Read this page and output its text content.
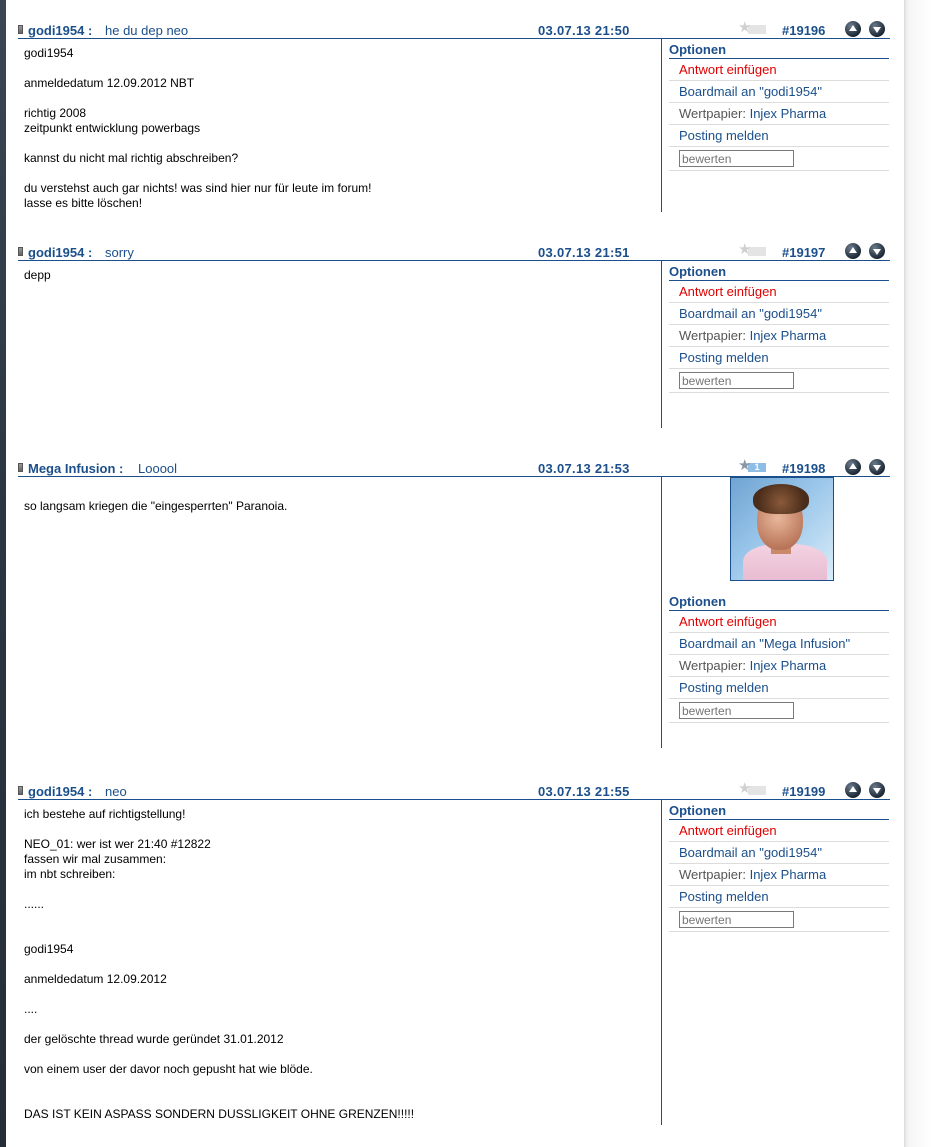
godi1954 : he du dep neo	03.07.13 21:50	★ #19196

godi1954

anmeldedatum 12.09.2012 NBT

richtig 2008

zeitpunkt entwicklung powerbags

kannst du nicht mal richtig abschreiben?

du verstehst auch gar nichts! was sind hier nur für leute im forum!

lasse es bitte löschen!

Optionen
Antwort einfügen
Boardmail an "godi1954"
Wertpapier: Injex Pharma
Posting melden
bewerten
godi1954 : sorry	03.07.13 21:51	★ #19197

depp	Optionen
Antwort einfügen
Boardmail an "godi1954"
Wertpapier: Injex Pharma
Posting melden
bewerten
Mega Infusion : Looool	03.07.13 21:53	1
★ #19198

so langsam kriegen die "eingesperrten" Paranoia.

Optionen
Antwort einfügen
Boardmail an "Mega Infusion"
Wertpapier: Injex Pharma
Posting melden
bewerten
godi1954 : neo	03.07.13 21:55	★ #19199

ich bestehe auf richtigstellung!

NEO_01: wer ist wer 21:40 #12822

fassen wir mal zusammen:

im nbt schreiben:

......

godi1954

anmeldedatum 12.09.2012

....

der gelöschte thread wurde geründet 31.01.2012

von einem user der davor noch gepusht hat wie blöde.

DAS IST KEIN ASPASS SONDERN DUSSLIGKEIT OHNE GRENZEN!!!!!

Optionen
Antwort einfügen
Boardmail an "godi1954"
Wertpapier: Injex Pharma
Posting melden
bewerten
